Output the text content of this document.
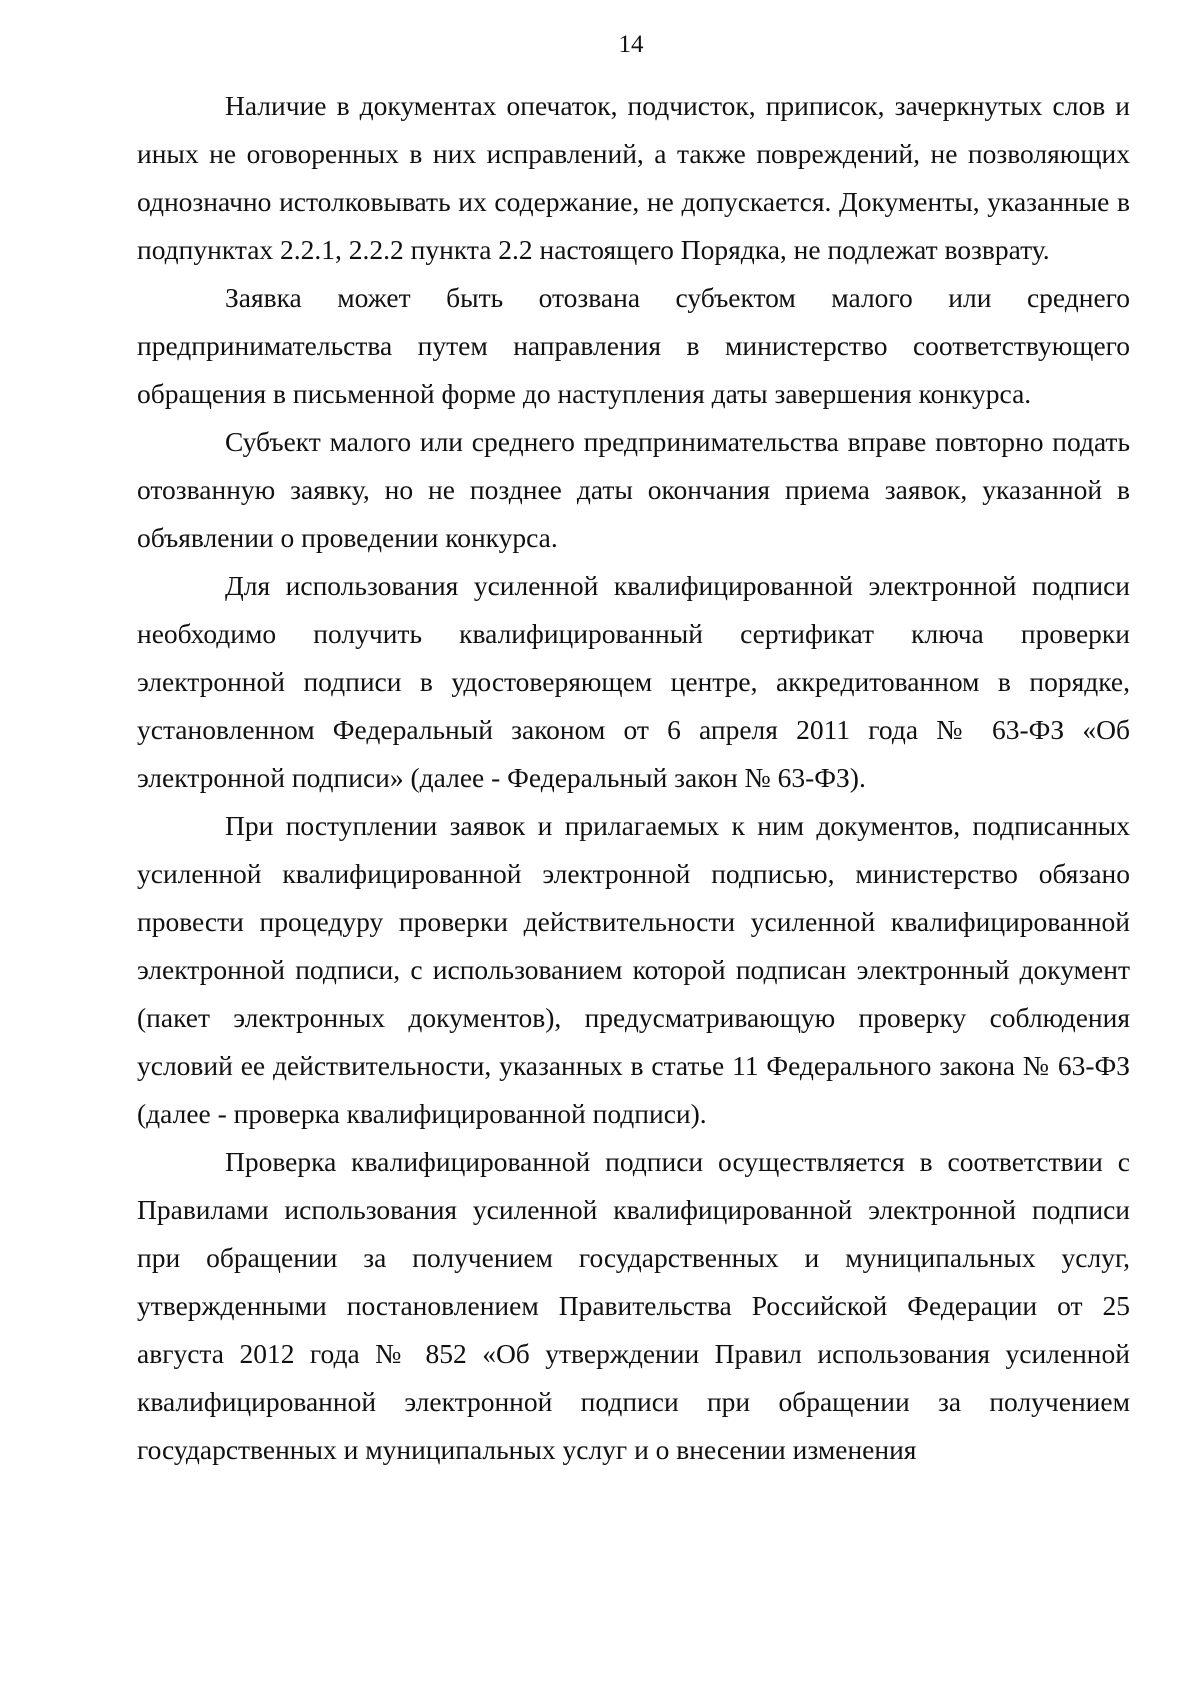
14

Наличие в документах опечаток, подчисток, приписок, зачеркнутых слов и иных не оговоренных в них исправлений, а также повреждений, не позволяющих однозначно истолковывать их содержание, не допускается. Документы, указанные в подпунктах 2.2.1, 2.2.2 пункта 2.2 настоящего Порядка, не подлежат возврату.

Заявка может быть отозвана субъектом малого или среднего предпринимательства путем направления в министерство соответствующего обращения в письменной форме до наступления даты завершения конкурса.

Субъект малого или среднего предпринимательства вправе повторно подать отозванную заявку, но не позднее даты окончания приема заявок, указанной в объявлении о проведении конкурса.

Для использования усиленной квалифицированной электронной подписи необходимо получить квалифицированный сертификат ключа проверки электронной подписи в удостоверяющем центре, аккредитованном в порядке, установленном Федеральный законом от 6 апреля 2011 года № 63-ФЗ «Об электронной подписи» (далее - Федеральный закон № 63-ФЗ).

При поступлении заявок и прилагаемых к ним документов, подписанных усиленной квалифицированной электронной подписью, министерство обязано провести процедуру проверки действительности усиленной квалифицированной электронной подписи, с использованием которой подписан электронный документ (пакет электронных документов), предусматривающую проверку соблюдения условий ее действительности, указанных в статье 11 Федерального закона № 63-ФЗ (далее - проверка квалифицированной подписи).

Проверка квалифицированной подписи осуществляется в соответствии с Правилами использования усиленной квалифицированной электронной подписи при обращении за получением государственных и муниципальных услуг, утвержденными постановлением Правительства Российской Федерации от 25 августа 2012 года № 852 «Об утверждении Правил использования усиленной квалифицированной электронной подписи при обращении за получением государственных и муниципальных услуг и о внесении изменения
